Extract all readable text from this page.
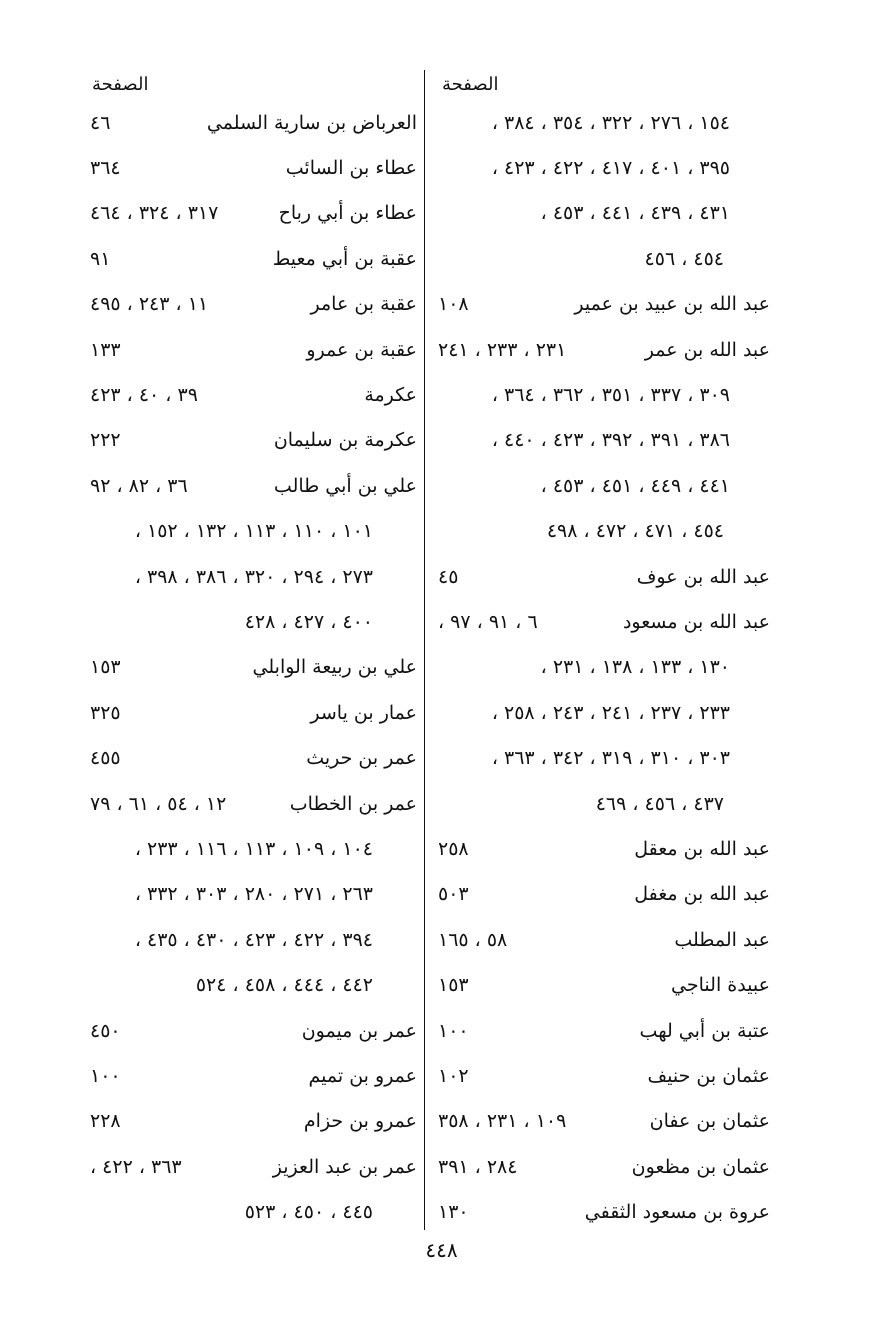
الصفحة
١٥٤ ، ٢٧٦ ، ٣٢٢ ، ٣٥٤ ، ٣٨٤ ،
٣٩٥ ، ٤٠١ ، ٤١٧ ، ٤٢٢ ، ٤٢٣ ،
٤٣١ ، ٤٣٩ ، ٤٤١ ، ٤٥٣ ،
٤٥٤ ، ٤٥٦
عبد الله بن عبيد بن عمير
١٠٨
عبد الله بن عمر
٢٣١ ، ٢٣٣ ، ٢٤١
٣٠٩ ، ٣٣٧ ، ٣٥١ ، ٣٦٢ ، ٣٦٤ ،
٣٨٦ ، ٣٩١ ، ٣٩٢ ، ٤٢٣ ، ٤٤٠ ،
٤٤١ ، ٤٤٩ ، ٤٥١ ، ٤٥٣ ،
٤٥٤ ، ٤٧١ ، ٤٧٢ ، ٤٩٨
عبد الله بن عوف
٤٥
عبد الله بن مسعود
٦ ، ٩١ ، ٩٧ ،
١٣٠ ، ١٣٣ ، ١٣٨ ، ٢٣١ ،
٢٣٣ ، ٢٣٧ ، ٢٤١ ، ٢٤٣ ، ٢٥٨ ،
٣٠٣ ، ٣١٠ ، ٣١٩ ، ٣٤٢ ، ٣٦٣ ،
٤٣٧ ، ٤٥٦ ، ٤٦٩
عبد الله بن معقل
٢٥٨
عبد الله بن مغفل
٥٠٣
عبد المطلب
٥٨ ، ١٦٥
عبيدة الناجي
١٥٣
عتبة بن أبي لهب
١٠٠
عثمان بن حنيف
١٠٢
عثمان بن عفان
١٠٩ ، ٢٣١ ، ٣٥٨
عثمان بن مظعون
٢٨٤ ، ٣٩١
عروة بن مسعود الثقفي
١٣٠
الصفحة
العرباض بن سارية السلمي
٤٦
عطاء بن السائب
٣٦٤
عطاء بن أبي رباح
٣١٧ ، ٣٢٤ ، ٤٦٤
عقبة بن أبي معيط
٩١
عقبة بن عامر
١١ ، ٢٤٣ ، ٤٩٥
عقبة بن عمرو
١٣٣
عكرمة
٣٩ ، ٤٠ ، ٤٢٣
عكرمة بن سليمان
٢٢٢
علي بن أبي طالب
٣٦ ، ٨٢ ، ٩٢
١٠١ ، ١١٠ ، ١١٣ ، ١٣٢ ، ١٥٢ ،
٢٧٣ ، ٢٩٤ ، ٣٢٠ ، ٣٨٦ ، ٣٩٨ ،
٤٠٠ ، ٤٢٧ ، ٤٢٨
علي بن ربيعة الوابلي
١٥٣
عمار بن ياسر
٣٢٥
عمر بن حريث
٤٥٥
عمر بن الخطاب
١٢ ، ٥٤ ، ٦١ ، ٧٩
١٠٤ ، ١٠٩ ، ١١٣ ، ١١٦ ، ٢٣٣ ،
٢٦٣ ، ٢٧١ ، ٢٨٠ ، ٣٠٣ ، ٣٣٢ ،
٣٩٤ ، ٤٢٢ ، ٤٢٣ ، ٤٣٠ ، ٤٣٥ ،
٤٤٢ ، ٤٤٤ ، ٤٥٨ ، ٥٢٤
عمر بن ميمون
٤٥٠
عمرو بن تميم
١٠٠
عمرو بن حزام
٢٢٨
عمر بن عبد العزيز
٣٦٣ ، ٤٢٢ ،
٤٤٥ ، ٤٥٠ ، ٥٢٣
٤٤٨
